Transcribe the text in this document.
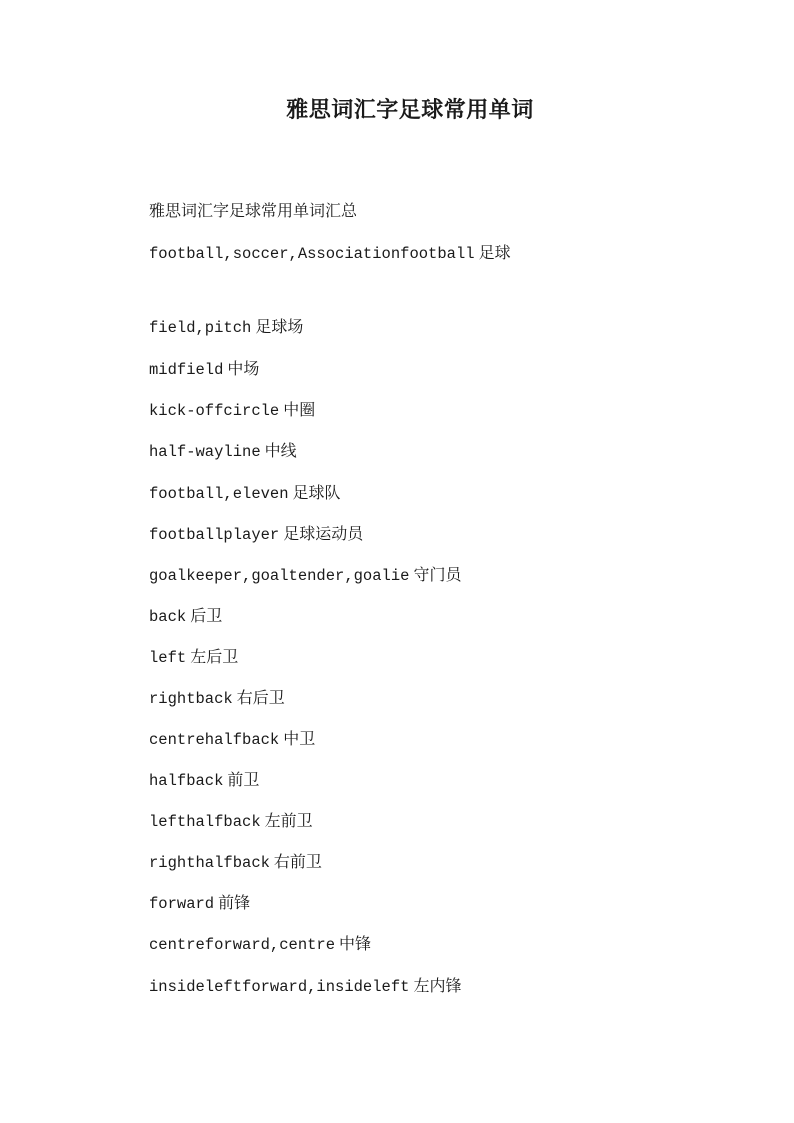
雅思词汇字足球常用单词
雅思词汇字足球常用单词汇总
football,soccer,Associationfootball 足球
field,pitch 足球场
midfield 中场
kick-offcircle 中圈
half-wayline 中线
football,eleven 足球队
footballplayer 足球运动员
goalkeeper,goaltender,goalie 守门员
back 后卫
left 左后卫
rightback 右后卫
centrehalfback 中卫
halfback 前卫
lefthalfback 左前卫
righthalfback 右前卫
forward 前锋
centreforward,centre 中锋
insideleftforward,insideleft 左内锋
